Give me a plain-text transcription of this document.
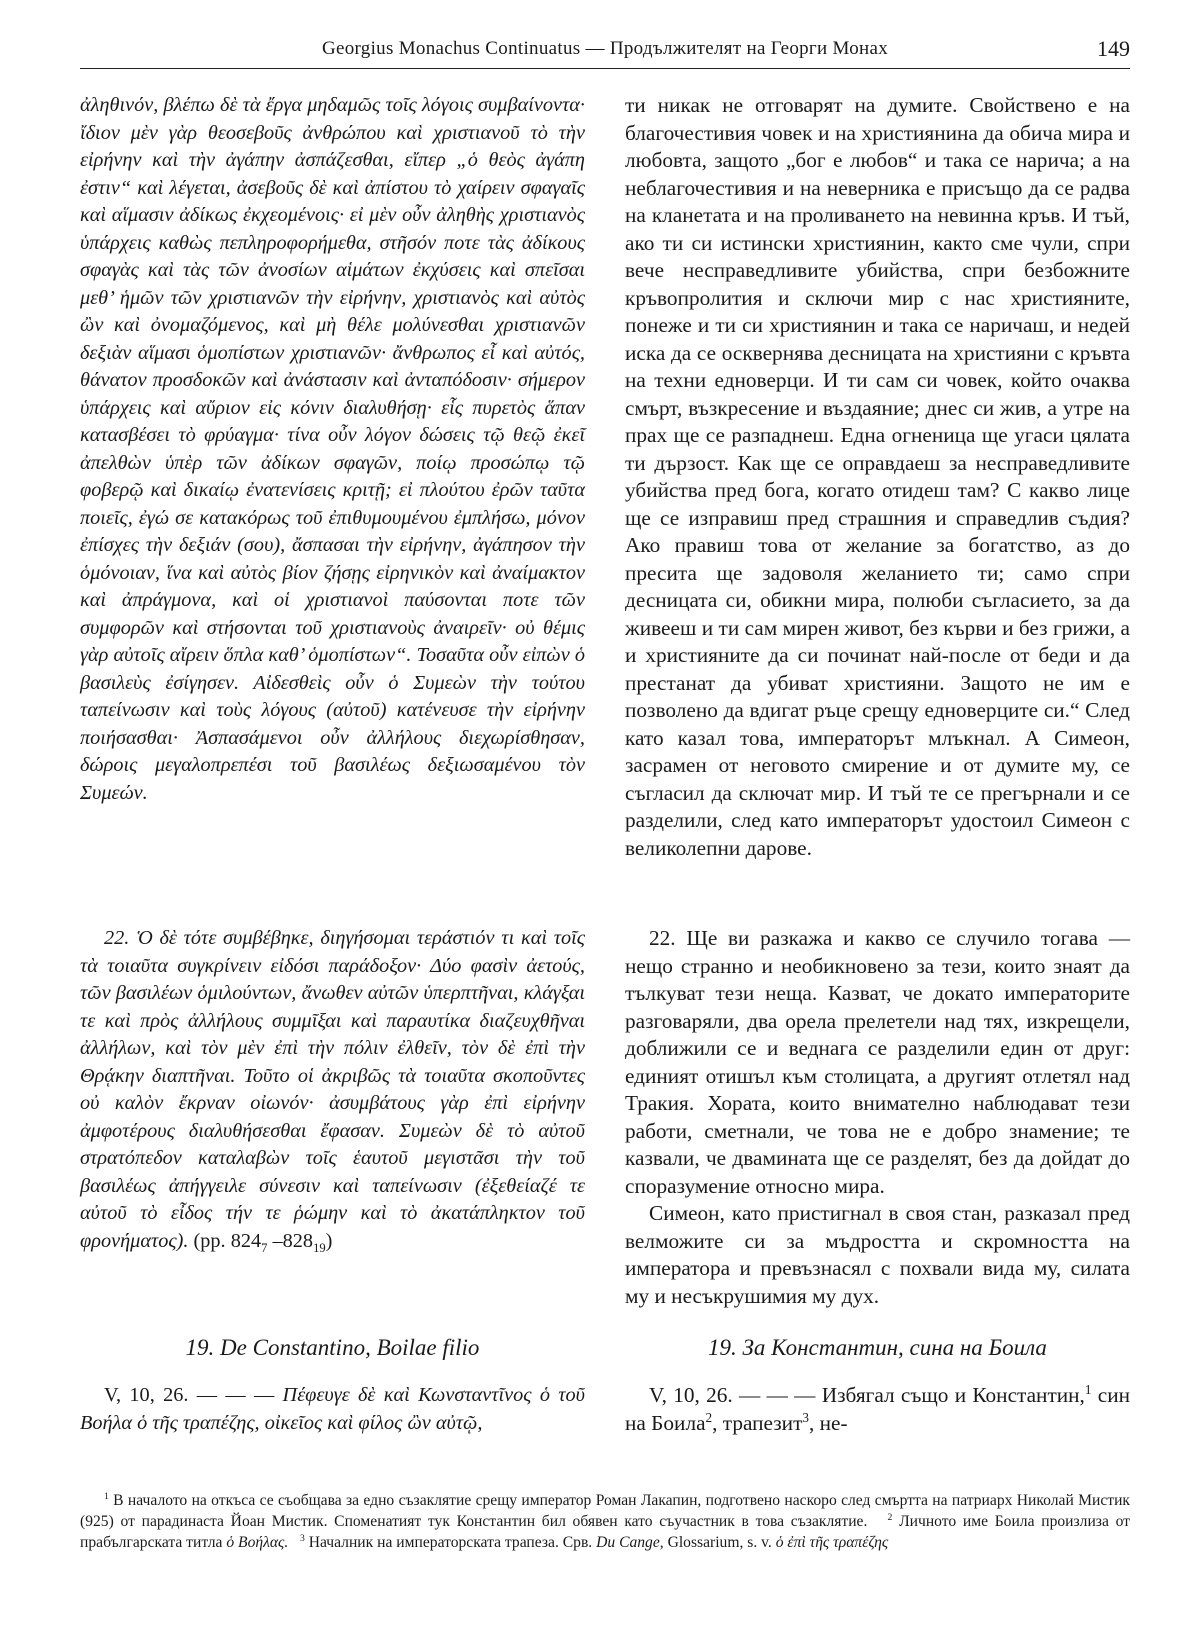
Georgius Monachus Continuatus — Продължителят на Георги Монах	149

ἀληθινόν, βλέπω δὲ τὰ ἔργα μηδαμῶς τοῖς λόγοις συμβαίνοντα· ἴδιον μὲν γὰρ θεοσεβοῦς ἀνθρώπου καὶ χριστιανοῦ τὸ τὴν εἰρήνην καὶ τὴν ἀγάπην ἀσπάζεσθαι, εἴπερ „ὁ θεὸς ἀγάπη ἐστιν“ καὶ λέγεται, ἀσεβοῦς δὲ καὶ ἀπίστου τὸ χαίρειν σφαγαῖς καὶ αἵμασιν ἀδίκως ἐκχεομένοις· εἰ μὲν οὖν ἀληθὴς χριστιανὸς ὑπάρχεις καθὼς πεπληροφορήμεθα, στῆσόν ποτε τὰς ἀδίκους σφαγὰς καὶ τὰς τῶν ἀνοσίων αἱμάτων ἐκχύσεις καὶ σπεῖσαι μεθ’ ἡμῶν τῶν χριστιανῶν τὴν εἰρήνην, χριστιανὸς καὶ αὐτὸς ὢν καὶ ὀνομαζόμενος, καὶ μὴ θέλε μολύνεσθαι χριστιανῶν δεξιὰν αἵμασι ὁμοπίστων χριστιανῶν· ἄνθρωπος εἶ καὶ αὐτός, θάνατον προσδοκῶν καὶ ἀνάστασιν καὶ ἀνταπόδοσιν· σήμερον ὑπάρχεις καὶ αὔριον εἰς κόνιν διαλυθήσῃ· εἷς πυρετὸς ἅπαν κατασβέσει τὸ φρύαγμα· τίνα οὖν λόγον δώσεις τῷ θεῷ ἐκεῖ ἀπελθὼν ὑπὲρ τῶν ἀδίκων σφαγῶν, ποίῳ προσώπῳ τῷ φοβερῷ καὶ δικαίῳ ἐνατενίσεις κριτῇ; εἰ πλούτου ἐρῶν ταῦτα ποιεῖς, ἐγώ σε κατακόρως τοῦ ἐπιθυμουμένου ἐμπλήσω, μόνον ἐπίσχες τὴν δεξιάν (σου), ἄσπασαι τὴν εἰρήνην, ἀγάπησον τὴν ὁμόνοιαν, ἵνα καὶ αὐτὸς βίον ζήσῃς εἰρηνικὸν καὶ ἀναίμακτον καὶ ἀπράγμονα, καὶ οἱ χριστιανοὶ παύσονται ποτε τῶν συμφορῶν καὶ στήσονται τοῦ χριστιανοὺς ἀναιρεῖν· οὐ θέμις γὰρ αὐτοῖς αἴρειν ὅπλα καθ’ ὁμοπίστων“. Τοσαῦτα οὖν εἰπὼν ὁ βασιλεὺς ἐσίγησεν. Αἰδεσθεὶς οὖν ὁ Συμεὼν τὴν τούτου ταπείνωσιν καὶ τοὺς λόγους (αὐτοῦ) κατένευσε τὴν εἰρήνην ποιήσασθαι· Ἀσπασάμενοι οὖν ἀλλήλους διεχωρίσθησαν, δώροις μεγαλοπρεπέσι τοῦ βασιλέως δεξιωσαμένου τὸν Συμεών.

22. Ὁ δὲ τότε συμβέβηκε, διηγήσομαι τεράστιόν τι καὶ τοῖς τὰ τοιαῦτα συγκρίνειν εἰδόσι παράδοξον· Δύο φασὶν ἀετούς, τῶν βασιλέων ὁμιλούντων, ἄνωθεν αὐτῶν ὑπερπτῆναι, κλάγξαι τε καὶ πρὸς ἀλλήλους συμμῖξαι καὶ παραυτίκα διαζευχθῆναι ἀλλήλων, καὶ τὸν μὲν ἐπὶ τὴν πόλιν ἐλθεῖν, τὸν δὲ ἐπὶ τὴν Θρᾴκην διαπτῆναι. Τοῦτο οἱ ἀκριβῶς τὰ τοιαῦτα σκοποῦντες οὐ καλὸν ἔκρναν οἰωνόν· ἀσυμβάτους γὰρ ἐπὶ εἰρήνην ἀμφοτέρους διαλυθήσεσθαι ἔφασαν. Συμεὼν δὲ τὸ αὐτοῦ στρατόπεδον καταλαβὼν τοῖς ἑαυτοῦ μεγιστᾶσι τὴν τοῦ βασιλέως ἀπήγγειλε σύνεσιν καὶ ταπείνωσιν (ἐξεθείαζέ τε αὐτοῦ τὸ εἶδος τήν τε ῥώμην καὶ τὸ ἀκατάπληκτον τοῦ φρονήματος). (pp. $824_7$ $-828_{19}$)

ти никак не отговарят на думите. Свойствено е на благочестивия човек и на християнина да обича мира и любовта, защото „бог е любов“ и така се нарича; а на неблагочестивия и на неверника е присъщо да се радва на кланетата и на проливането на невинна кръв. И тъй, ако ти си истински християнин, както сме чули, спри вече несправедливите убийства, спри безбожните кръвопролития и сключи мир с нас християните, понеже и ти си християнин и така се наричаш, и недей иска да се осквернява десницата на християни с кръвта на техни едноверци. И ти сам си човек, който очаква смърт, възкресение и въздаяние; днес си жив, а утре на прах ще се разпаднеш. Една огненица ще угаси цялата ти дързост. Как ще се оправдаеш за несправедливите убийства пред бога, когато отидеш там? С какво лице ще се изправиш пред страшния и справедлив съдия? Ако правиш това от желание за богатство, аз до пресита ще задоволя желанието ти; само спри десницата си, обикни мира, полюби съгласието, за да живееш и ти сам мирен живот, без кърви и без грижи, а и християните да си починат най-после от беди и да престанат да убиват християни. Защото не им е позволено да вдигат ръце срещу едноверците си.“ След като казал това, императорът млъкнал. А Симеон, засрамен от неговото смирение и от думите му, се съгласил да сключат мир. И тъй те се прегърнали и се разделили, след като императорът удостоил Симеон с великолепни дарове.

22. Ще ви разкажа и какво се случило тогава — нещо странно и необикновено за тези, които знаят да тълкуват тези неща. Казват, че докато императорите разговаряли, два орела прелетели над тях, изкрещели, доближили се и веднага се разделили един от друг: единият отишъл към столицата, а другият отлетял над Тракия. Хората, които внимателно наблюдават тези работи, сметнали, че това не е добро знамение; те казвали, че двамината ще се разделят, без да дойдат до споразумение относно мира.

Симеон, като пристигнал в своя стан, разказал пред велможите си за мъдростта и скромността на императора и превъзнасял с похвали вида му, силата му и несъкрушимия му дух.

19. De Constantino, Boilae filio	19. За Константин, сина на Боила

V, 10, 26. — — — Πέφευγε δὲ καὶ Κωνσταντῖνος ὁ τοῦ Βοήλα ὁ τῆς τραπέζης, οἰκεῖος καὶ φίλος ὢν αὐτῷ,

V, 10, 26. — — — Избягал също и Константин,$^1$ син на Боила$^2$, трапезит$^3$, не-

$^1$ В началото на откъса се съобщава за едно съзаклятие срещу император Роман Лакапин, подготвено наскоро след смъртта на патриарх Николай Мистик (925) от парадинаста Йоан Мистик. Споменатият тук Константин бил обявен като съучастник в това съзаклятие. $^2$ Личното име Боила произлиза от прабългарската титла ὁ Βοήλας. $^3$ Началник на императорската трапеза. Срв. Du Cange, Glossarium, s. v. ὁ ἐπὶ τῆς τραπέζης
